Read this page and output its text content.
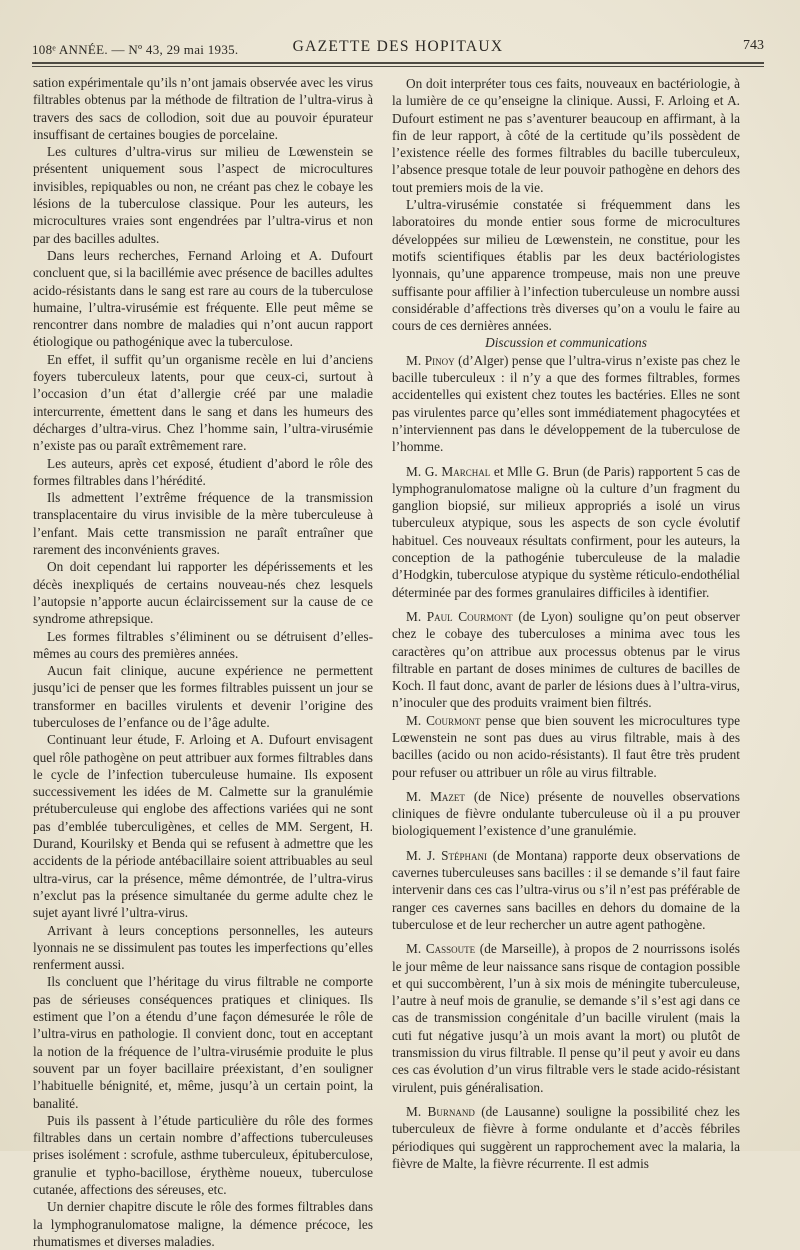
108ᵉ ANNÉE. — Nº 43, 29 mai 1935.	GAZETTE DES HOPITAUX	743

sation expérimentale qu’ils n’ont jamais observée avec les virus filtrables obtenus par la méthode de filtration de l’ultra-virus à travers des sacs de collodion, soit due au pouvoir épurateur insuffisant de certaines bougies de porcelaine.

Les cultures d’ultra-virus sur milieu de Lœwenstein se présentent uniquement sous l’aspect de microcultures invisibles, repiquables ou non, ne créant pas chez le cobaye les lésions de la tuberculose classique. Pour les auteurs, les microcultures vraies sont engendrées par l’ultra-virus et non par des bacilles adultes.

Dans leurs recherches, Fernand Arloing et A. Dufourt concluent que, si la bacillémie avec présence de bacilles adultes acido-résistants dans le sang est rare au cours de la tuberculose humaine, l’ultra-virusémie est fréquente. Elle peut même se rencontrer dans nombre de maladies qui n’ont aucun rapport étiologique ou pathogénique avec la tuberculose.

En effet, il suffit qu’un organisme recèle en lui d’anciens foyers tuberculeux latents, pour que ceux-ci, surtout à l’occasion d’un état d’allergie créé par une maladie intercurrente, émettent dans le sang et dans les humeurs des décharges d’ultra-virus. Chez l’homme sain, l’ultra-virusémie n’existe pas ou paraît extrêmement rare.

Les auteurs, après cet exposé, étudient d’abord le rôle des formes filtrables dans l’hérédité.

Ils admettent l’extrême fréquence de la transmission transplacentaire du virus invisible de la mère tuberculeuse à l’enfant. Mais cette transmission ne paraît entraîner que rarement des inconvénients graves.

On doit cependant lui rapporter les dépérissements et les décès inexpliqués de certains nouveau-nés chez lesquels l’autopsie n’apporte aucun éclaircissement sur la cause de ce syndrome athrepsique.

Les formes filtrables s’éliminent ou se détruisent d’elles-mêmes au cours des premières années.

Aucun fait clinique, aucune expérience ne permettent jusqu’ici de penser que les formes filtrables puissent un jour se transformer en bacilles virulents et devenir l’origine des tuberculoses de l’enfance ou de l’âge adulte.

Continuant leur étude, F. Arloing et A. Dufourt envisagent quel rôle pathogène on peut attribuer aux formes filtrables dans le cycle de l’infection tuberculeuse humaine. Ils exposent successivement les idées de M. Calmette sur la granulémie prétuberculeuse qui englobe des affections variées qui ne sont pas d’emblée tuberculigènes, et celles de MM. Sergent, H. Durand, Kourilsky et Benda qui se refusent à admettre que les accidents de la période antébacillaire soient attribuables au seul ultra-virus, car la présence, même démontrée, de l’ultra-virus n’exclut pas la présence simultanée du germe adulte chez le sujet ayant livré l’ultra-virus.

Arrivant à leurs conceptions personnelles, les auteurs lyonnais ne se dissimulent pas toutes les imperfections qu’elles renferment aussi.

Ils concluent que l’héritage du virus filtrable ne comporte pas de sérieuses conséquences pratiques et cliniques. Ils estiment que l’on a étendu d’une façon démesurée le rôle de l’ultra-virus en pathologie. Il convient donc, tout en acceptant la notion de la fréquence de l’ultra-virusémie produite le plus souvent par un foyer bacillaire préexistant, d’en souligner l’habituelle bénignité, et, même, jusqu’à un certain point, la banalité.

Puis ils passent à l’étude particulière du rôle des formes filtrables dans un certain nombre d’affections tuberculeuses prises isolément : scrofule, asthme tuberculeux, épituberculose, granulie et typho-bacillose, érythème noueux, tuberculose cutanée, affections des séreuses, etc.

Un dernier chapitre discute le rôle des formes filtrables dans la lymphogranulomatose maligne, la démence précoce, les rhumatismes et diverses maladies.

On doit interpréter tous ces faits, nouveaux en bactériologie, à la lumière de ce qu’enseigne la clinique. Aussi, F. Arloing et A. Dufourt estiment ne pas s’aventurer beaucoup en affirmant, à la fin de leur rapport, à côté de la certitude qu’ils possèdent de l’existence réelle des formes filtrables du bacille tuberculeux, l’absence presque totale de leur pouvoir pathogène en dehors des tout premiers mois de la vie.

L’ultra-virusémie constatée si fréquemment dans les laboratoires du monde entier sous forme de microcultures développées sur milieu de Lœwenstein, ne constitue, pour les motifs scientifiques établis par les deux bactériologistes lyonnais, qu’une apparence trompeuse, mais non une preuve suffisante pour affilier à l’infection tuberculeuse un nombre aussi considérable d’affections très diverses qu’on a voulu le faire au cours de ces dernières années.

Discussion et communications

M. Pinoy (d’Alger) pense que l’ultra-virus n’existe pas chez le bacille tuberculeux : il n’y a que des formes filtrables, formes accidentelles qui existent chez toutes les bactéries. Elles ne sont pas virulentes parce qu’elles sont immédiatement phagocytées et n’interviennent pas dans le développement de la tuberculose de l’homme.

M. G. Marchal et Mlle G. Brun (de Paris) rapportent 5 cas de lymphogranulomatose maligne où la culture d’un fragment du ganglion biopsié, sur milieux appropriés a isolé un virus tuberculeux atypique, sous les aspects de son cycle évolutif habituel. Ces nouveaux résultats confirment, pour les auteurs, la conception de la pathogénie tuberculeuse de la maladie d’Hodgkin, tuberculose atypique du système réticulo-endothélial déterminée par des formes granulaires difficiles à identifier.

M. Paul Courmont (de Lyon) souligne qu’on peut observer chez le cobaye des tuberculoses a minima avec tous les caractères qu’on attribue aux processus obtenus par le virus filtrable en partant de doses minimes de cultures de bacilles de Koch. Il faut donc, avant de parler de lésions dues à l’ultra-virus, n’inoculer que des produits vraiment bien filtrés.

M. Courmont pense que bien souvent les microcultures type Lœwenstein ne sont pas dues au virus filtrable, mais à des bacilles (acido ou non acido-résistants). Il faut être très prudent pour refuser ou attribuer un rôle au virus filtrable.

M. Mazet (de Nice) présente de nouvelles observations cliniques de fièvre ondulante tuberculeuse où il a pu prouver biologiquement l’existence d’une granulémie.

M. J. Stéphani (de Montana) rapporte deux observations de cavernes tuberculeuses sans bacilles : il se demande s’il faut faire intervenir dans ces cas l’ultra-virus ou s’il n’est pas préférable de ranger ces cavernes sans bacilles en dehors du domaine de la tuberculose et de leur rechercher un autre agent pathogène.

M. Cassoute (de Marseille), à propos de 2 nourrissons isolés le jour même de leur naissance sans risque de contagion possible et qui succombèrent, l’un à six mois de méningite tuberculeuse, l’autre à neuf mois de granulie, se demande s’il s’est agi dans ce cas de transmission congénitale d’un bacille virulent (mais la cuti fut négative jusqu’à un mois avant la mort) ou plutôt de transmission du virus filtrable. Il pense qu’il peut y avoir eu dans ces cas évolution d’un virus filtrable vers le stade acido-résistant virulent, puis généralisation.

M. Burnand (de Lausanne) souligne la possibilité chez les tuberculeux de fièvre à forme ondulante et d’accès fébriles périodiques qui suggèrent un rapprochement avec la malaria, la fièvre de Malte, la fièvre récurrente. Il est admis
